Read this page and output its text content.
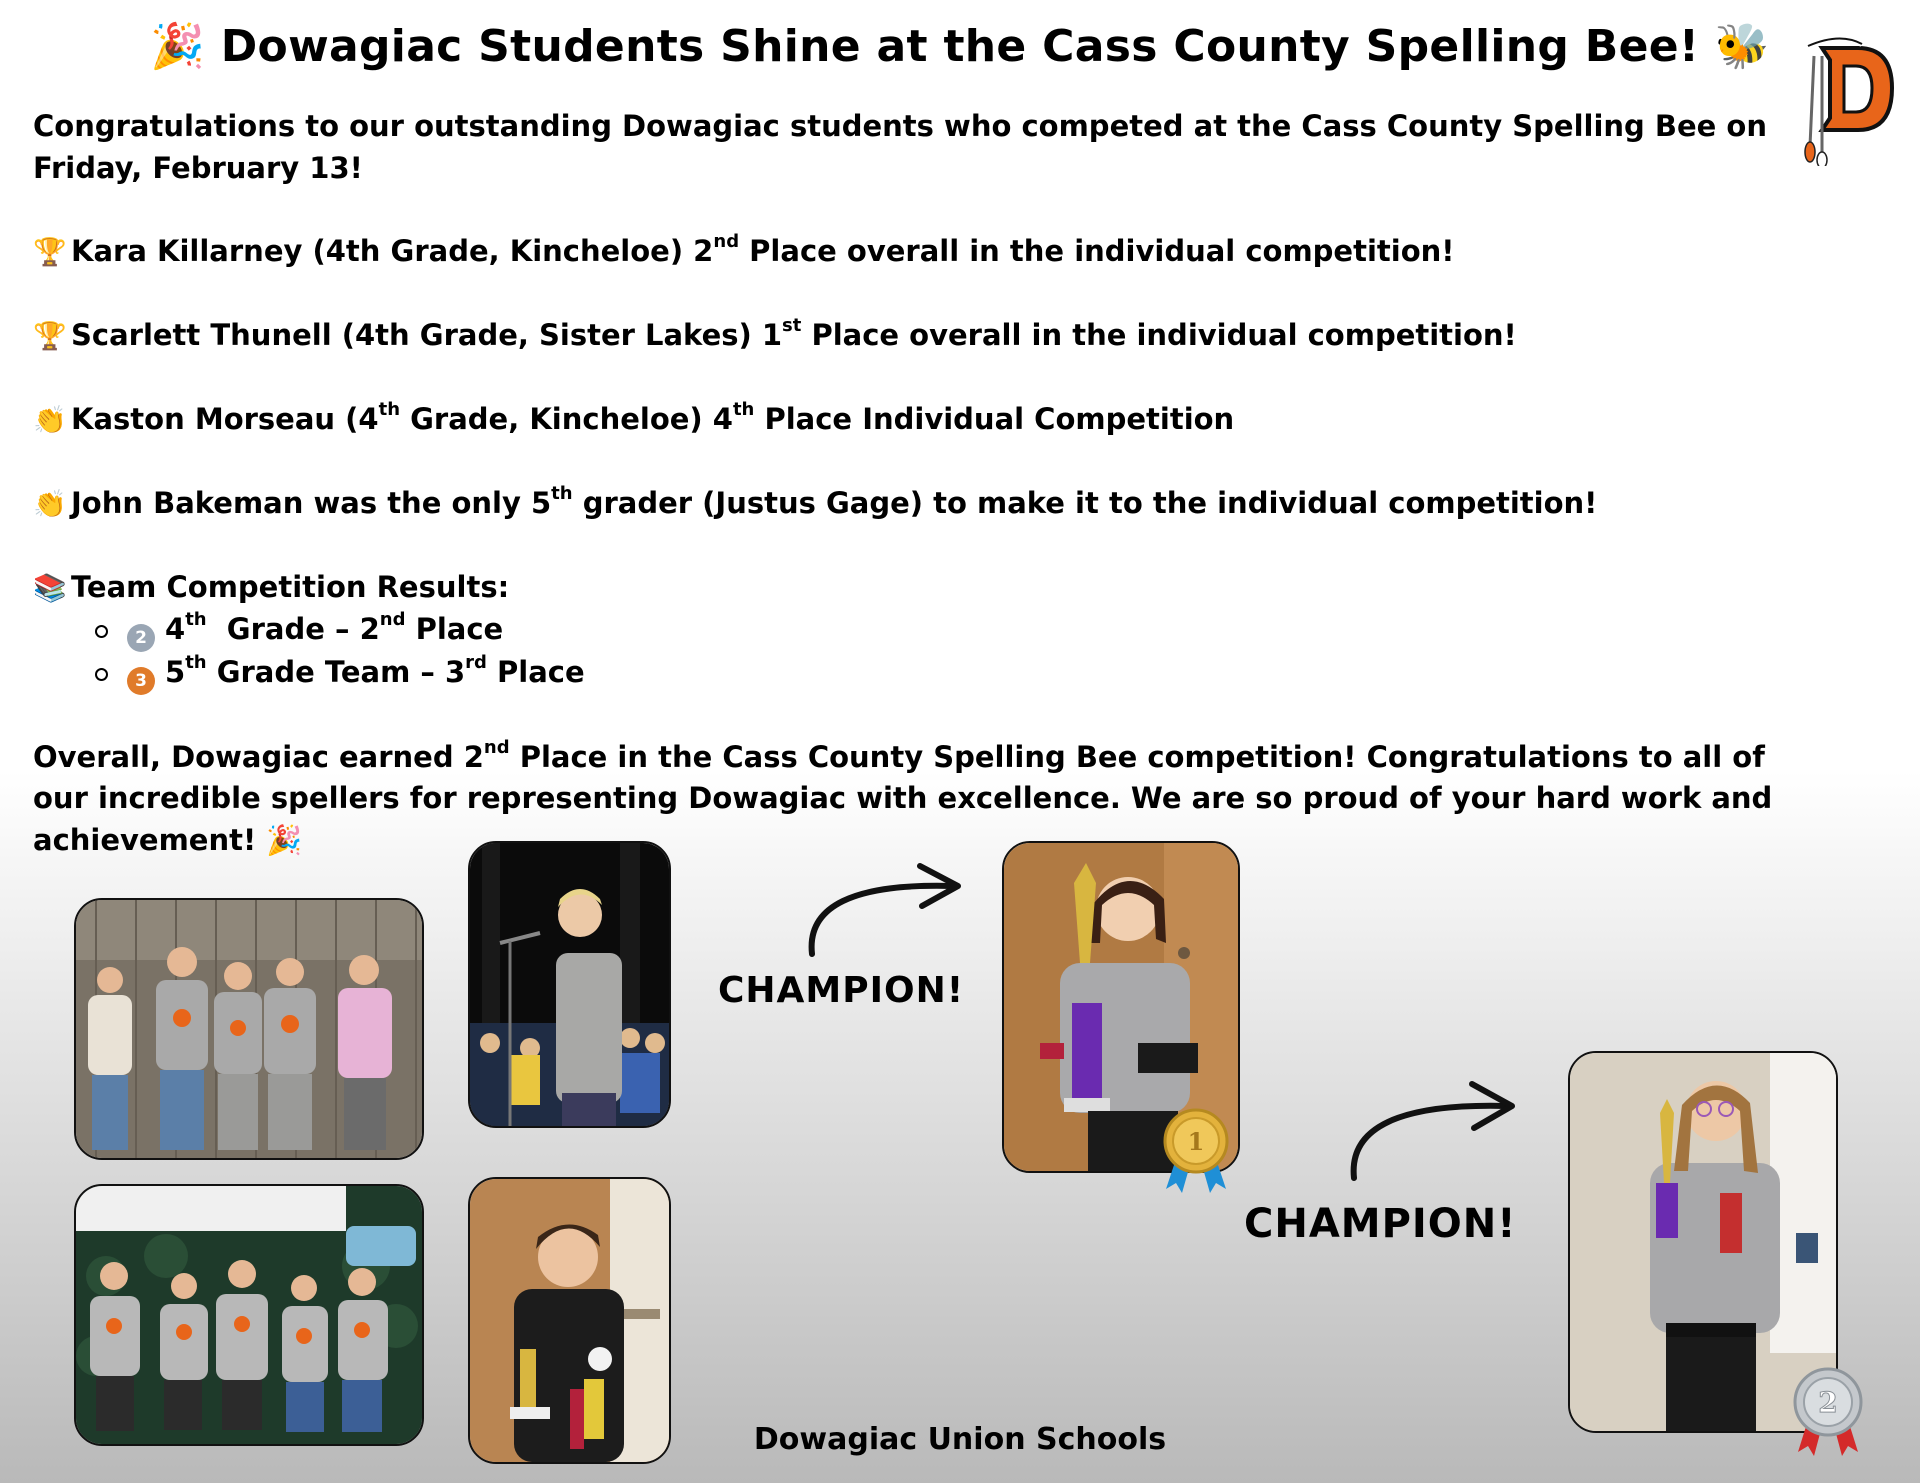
🎉 Dowagiac Students Shine at the Cass County Spelling Bee! 🐝

Congratulations to our outstanding Dowagiac students who competed at the Cass County Spelling Bee on Friday, February 13!

🏆 Kara Killarney (4th Grade, Kincheloe) 2nd Place overall in the individual competition!

🏆 Scarlett Thunell (4th Grade, Sister Lakes) 1st Place overall in the individual competition!

👏 Kaston Morseau (4th Grade, Kincheloe) 4th Place Individual Competition

👏 John Bakeman was the only 5th grader (Justus Gage) to make it to the individual competition!

📚 Team Competition Results:

2 4th  Grade – 2nd Place
3 5th Grade Team – 3rd Place

Overall, Dowagiac earned 2nd Place in the Cass County Spelling Bee competition! Congratulations to all of our incredible spellers for representing Dowagiac with excellence. We are so proud of your hard work and achievement! 🎉

1
2
CHAMPION!
CHAMPION!
Dowagiac Union Schools
